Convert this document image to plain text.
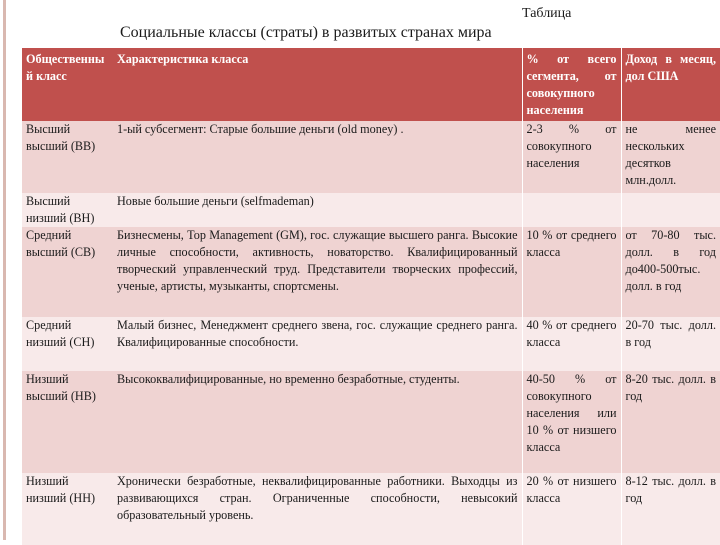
Таблица
Социальные классы (страты) в развитых странах мира
Общественный класс	Характеристика класса	% от всего сегмента, от совокупного населения	Доход в месяц, дол США
Высший высший (ВВ)	1-ый субсегмент: Старые большие деньги (old money) .	2-3 % от совокупного населения	не менее нескольких десятков млн.долл.
Высший низший (ВН)	Новые большие деньги (selfmademan)		
Средний высший (СВ)	Бизнесмены, Top Management (GM), гос. служащие высшего ранга. Высокие личные способности, активность, новаторство. Квалифицированный творческий управленческий труд. Представители творческих профессий, ученые, артисты, музыканты, спортсмены.	10 % от среднего класса	от 70-80 тыс. долл. в год до400-500тыс. долл. в год
Средний низший (СН)	Малый бизнес, Менеджмент среднего звена, гос. служащие среднего ранга. Квалифицированные способности.	40 % от среднего класса	20-70 тыс. долл. в год
Низший высший (НВ)	Высококвалифицированные, но временно безработные, студенты.	40-50 % от совокупного населения или 10 % от низшего класса	8-20 тыс. долл. в год
Низший низший (НН)	Хронически безработные, неквалифицированные работники. Выходцы из развивающихся стран. Ограниченные способности, невысокий образовательный уровень.	20 % от низшего класса	8-12 тыс. долл. в год
